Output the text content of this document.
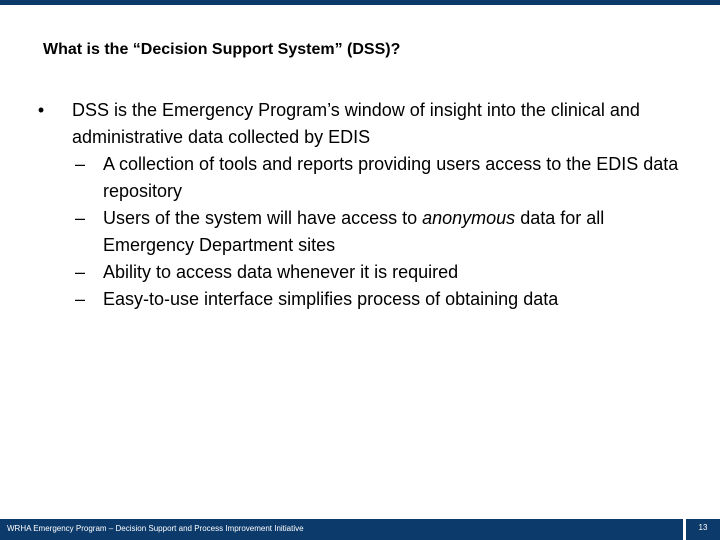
What is the “Decision Support System” (DSS)?
•	DSS is the Emergency Program’s window of insight into the clinical and administrative data collected by EDIS
– A collection of tools and reports providing users access to the EDIS data repository
– Users of the system will have access to anonymous data for all Emergency Department sites
– Ability to access data whenever it is required
– Easy-to-use interface simplifies process of obtaining data
WRHA Emergency Program – Decision Support and Process Improvement Initiative	13
